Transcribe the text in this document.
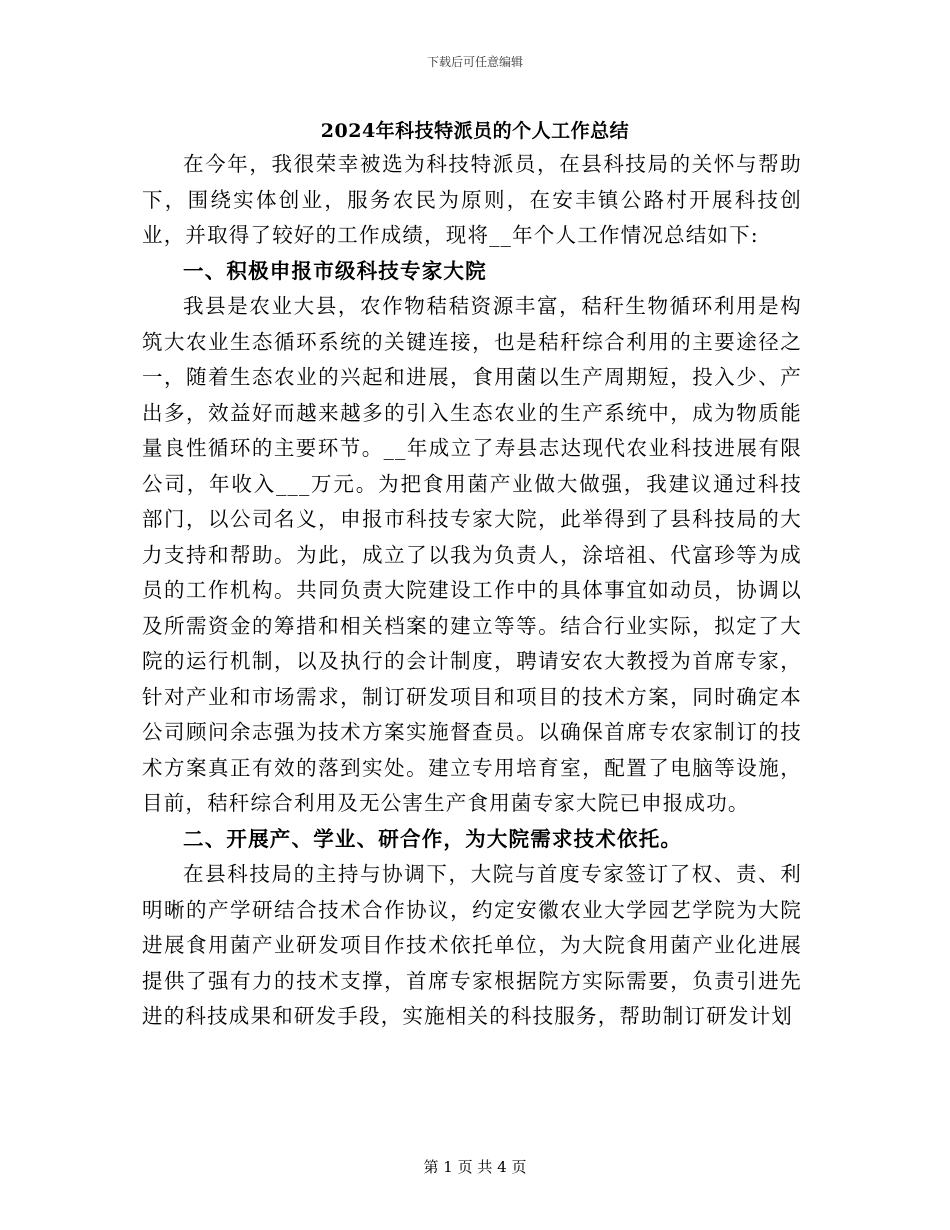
下载后可任意编辑
2024年科技特派员的个人工作总结

在今年，我很荣幸被选为科技特派员，在县科技局的关怀与帮助下，围绕实体创业，服务农民为原则，在安丰镇公路村开展科技创业，并取得了较好的工作成绩，现将__年个人工作情况总结如下:

一、积极申报市级科技专家大院

我县是农业大县，农作物秸秸资源丰富，秸秆生物循环利用是构筑大农业生态循环系统的关键连接，也是秸秆综合利用的主要途径之一，随着生态农业的兴起和进展，食用菌以生产周期短，投入少、产出多，效益好而越来越多的引入生态农业的生产系统中，成为物质能量良性循环的主要环节。__年成立了寿县志达现代农业科技进展有限公司，年收入___万元。为把食用菌产业做大做强，我建议通过科技部门，以公司名义，申报市科技专家大院，此举得到了县科技局的大力支持和帮助。为此，成立了以我为负责人，涂培祖、代富珍等为成员的工作机构。共同负责大院建设工作中的具体事宜如动员，协调以及所需资金的筹措和相关档案的建立等等。结合行业实际，拟定了大院的运行机制，以及执行的会计制度，聘请安农大教授为首席专家，针对产业和市场需求，制订研发项目和项目的技术方案，同时确定本公司顾问余志强为技术方案实施督查员。以确保首席专农家制订的技术方案真正有效的落到实处。建立专用培育室，配置了电脑等设施，目前，秸秆综合利用及无公害生产食用菌专家大院已申报成功。

二、开展产、学业、研合作，为大院需求技术依托。

在县科技局的主持与协调下，大院与首度专家签订了权、责、利明晰的产学研结合技术合作协议，约定安徽农业大学园艺学院为大院进展食用菌产业研发项目作技术依托单位，为大院食用菌产业化进展提供了强有力的技术支撑，首席专家根据院方实际需要，负责引进先进的科技成果和研发手段，实施相关的科技服务，帮助制订研发计划

第 1 页 共 4 页
